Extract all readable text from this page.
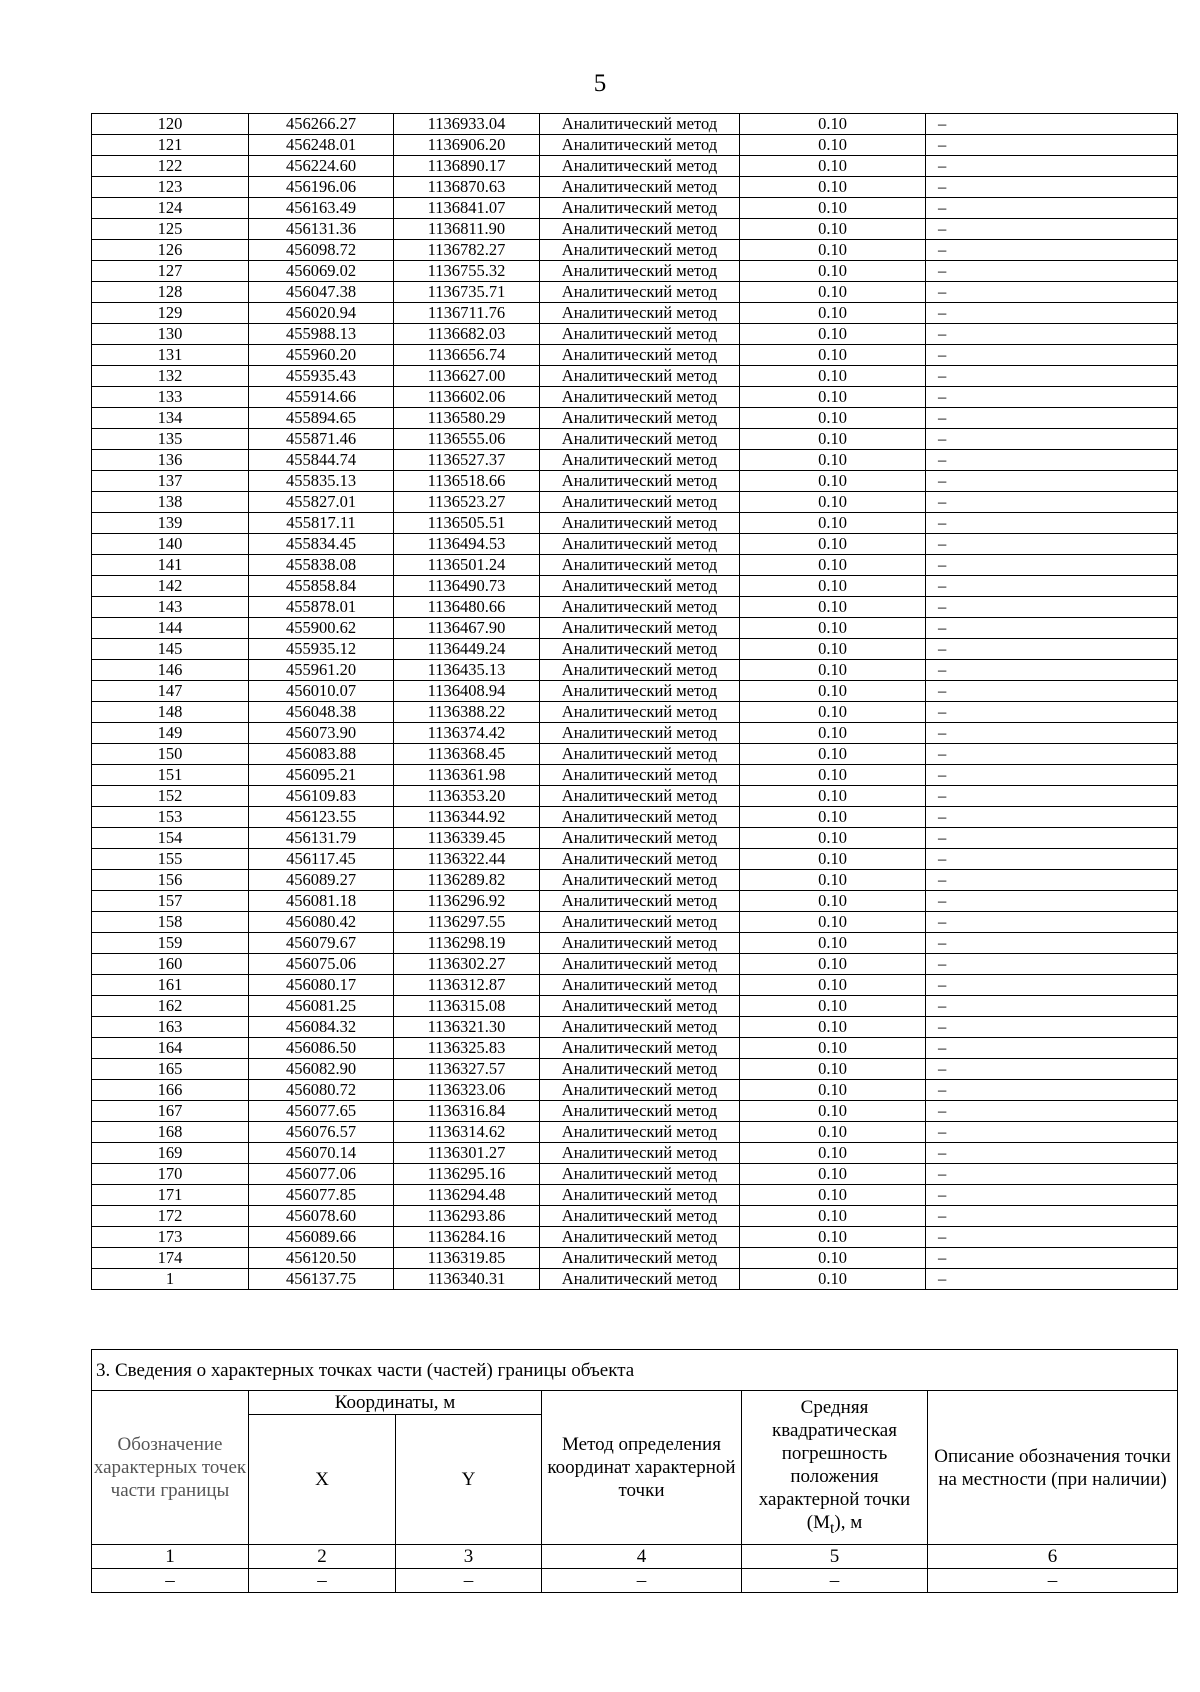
5
120	456266.27	1136933.04	Аналитический метод	0.10	–
121	456248.01	1136906.20	Аналитический метод	0.10	–
122	456224.60	1136890.17	Аналитический метод	0.10	–
123	456196.06	1136870.63	Аналитический метод	0.10	–
124	456163.49	1136841.07	Аналитический метод	0.10	–
125	456131.36	1136811.90	Аналитический метод	0.10	–
126	456098.72	1136782.27	Аналитический метод	0.10	–
127	456069.02	1136755.32	Аналитический метод	0.10	–
128	456047.38	1136735.71	Аналитический метод	0.10	–
129	456020.94	1136711.76	Аналитический метод	0.10	–
130	455988.13	1136682.03	Аналитический метод	0.10	–
131	455960.20	1136656.74	Аналитический метод	0.10	–
132	455935.43	1136627.00	Аналитический метод	0.10	–
133	455914.66	1136602.06	Аналитический метод	0.10	–
134	455894.65	1136580.29	Аналитический метод	0.10	–
135	455871.46	1136555.06	Аналитический метод	0.10	–
136	455844.74	1136527.37	Аналитический метод	0.10	–
137	455835.13	1136518.66	Аналитический метод	0.10	–
138	455827.01	1136523.27	Аналитический метод	0.10	–
139	455817.11	1136505.51	Аналитический метод	0.10	–
140	455834.45	1136494.53	Аналитический метод	0.10	–
141	455838.08	1136501.24	Аналитический метод	0.10	–
142	455858.84	1136490.73	Аналитический метод	0.10	–
143	455878.01	1136480.66	Аналитический метод	0.10	–
144	455900.62	1136467.90	Аналитический метод	0.10	–
145	455935.12	1136449.24	Аналитический метод	0.10	–
146	455961.20	1136435.13	Аналитический метод	0.10	–
147	456010.07	1136408.94	Аналитический метод	0.10	–
148	456048.38	1136388.22	Аналитический метод	0.10	–
149	456073.90	1136374.42	Аналитический метод	0.10	–
150	456083.88	1136368.45	Аналитический метод	0.10	–
151	456095.21	1136361.98	Аналитический метод	0.10	–
152	456109.83	1136353.20	Аналитический метод	0.10	–
153	456123.55	1136344.92	Аналитический метод	0.10	–
154	456131.79	1136339.45	Аналитический метод	0.10	–
155	456117.45	1136322.44	Аналитический метод	0.10	–
156	456089.27	1136289.82	Аналитический метод	0.10	–
157	456081.18	1136296.92	Аналитический метод	0.10	–
158	456080.42	1136297.55	Аналитический метод	0.10	–
159	456079.67	1136298.19	Аналитический метод	0.10	–
160	456075.06	1136302.27	Аналитический метод	0.10	–
161	456080.17	1136312.87	Аналитический метод	0.10	–
162	456081.25	1136315.08	Аналитический метод	0.10	–
163	456084.32	1136321.30	Аналитический метод	0.10	–
164	456086.50	1136325.83	Аналитический метод	0.10	–
165	456082.90	1136327.57	Аналитический метод	0.10	–
166	456080.72	1136323.06	Аналитический метод	0.10	–
167	456077.65	1136316.84	Аналитический метод	0.10	–
168	456076.57	1136314.62	Аналитический метод	0.10	–
169	456070.14	1136301.27	Аналитический метод	0.10	–
170	456077.06	1136295.16	Аналитический метод	0.10	–
171	456077.85	1136294.48	Аналитический метод	0.10	–
172	456078.60	1136293.86	Аналитический метод	0.10	–
173	456089.66	1136284.16	Аналитический метод	0.10	–
174	456120.50	1136319.85	Аналитический метод	0.10	–
1	456137.75	1136340.31	Аналитический метод	0.10	–
3. Сведения о характерных точках части (частей) границы объекта					
Обозначение характерных точек части границы	Координаты, м		Метод определения координат характерной точки	Средняя квадратическая погрешность положения характерной точки $(М_t)$, м	Описание обозначения точки на местности (при наличии)
	X	Y			
1	2	3	4	5	6
–	–	–	–	–	–
